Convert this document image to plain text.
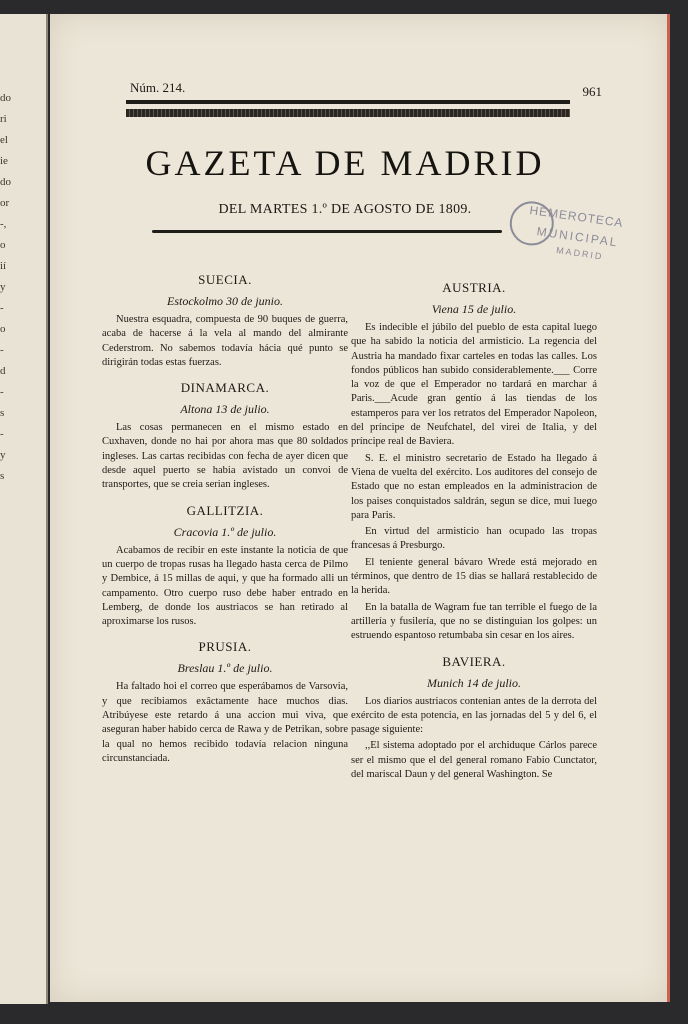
do
ri
el
ie
do
or
-,
o
ií
y
-
o
-
d
-
s
-
y
s
Núm. 214.	961
GAZETA DE MADRID
DEL MARTES 1.º DE AGOSTO DE 1809.	HEMEROTECA
MUNICIPAL
MADRID
SUECIA.
Estockolmo 30 de junio.
Nuestra esquadra, compuesta de 90 buques de guerra, acaba de hacerse á la vela al mando del almirante Cederstrom. No sabemos todavía hácia qué punto se dirigirán todas estas fuerzas.
DINAMARCA.
Altona 13 de julio.
Las cosas permanecen en el mismo estado en Cuxhaven, donde no hai por ahora mas que 80 soldados ingleses. Las cartas recibidas con fecha de ayer dicen que desde aquel puerto se habia avistado un convoi de transportes, que se creia serian ingleses.
GALLITZIA.
Cracovia 1.º de julio.
Acabamos de recibir en este instante la noticia de que un cuerpo de tropas rusas ha llegado hasta cerca de Pilmo y Dembice, á 15 millas de aqui, y que ha formado alli un campamento. Otro cuerpo ruso debe haber entrado en Lemberg, de donde los austriacos se han retirado al aproximarse los rusos.
PRUSIA.
Breslau 1.º de julio.
Ha faltado hoi el correo que esperábamos de Varsovia, y que recibiamos exâctamente hace muchos dias. Atribúyese este retardo á una accion mui viva, que aseguran haber habido cerca de Rawa y de Petrikan, sobre la qual no hemos recibido todavía relacion ninguna circunstanciada.
AUSTRIA.
Viena 15 de julio.
Es indecible el júbilo del pueblo de esta capital luego que ha sabido la noticia del armisticio. La regencia del Austria ha mandado fixar carteles en todas las calles. Los fondos públicos han subido considerablemente.___ Corre la voz de que el Emperador no tardará en marchar á Paris.___Acude gran gentío á las tiendas de los estamperos para ver los retratos del Emperador Napoleon, del príncipe de Neufchatel, del virei de Italia, y del príncipe real de Baviera.
S. E. el ministro secretario de Estado ha llegado á Viena de vuelta del exército. Los auditores del consejo de Estado que no estan empleados en la administracion de los paises conquistados saldrán, segun se dice, mui luego para Paris.
En virtud del armisticio han ocupado las tropas francesas á Presburgo.
El teniente general bávaro Wrede está mejorado en términos, que dentro de 15 dias se hallará restablecido de la herida.
En la batalla de Wagram fue tan terrible el fuego de la artillería y fusilería, que no se distinguian los golpes: un estruendo espantoso retumbaba sin cesar en los aires.
BAVIERA.
Munich 14 de julio.
Los diarios austriacos contenian antes de la derrota del exército de esta potencia, en las jornadas del 5 y del 6, el pasage siguiente:
,,El sistema adoptado por el archiduque Cárlos parece ser el mismo que el del general romano Fabio Cunctator, del mariscal Daun y del general Washington. Se
